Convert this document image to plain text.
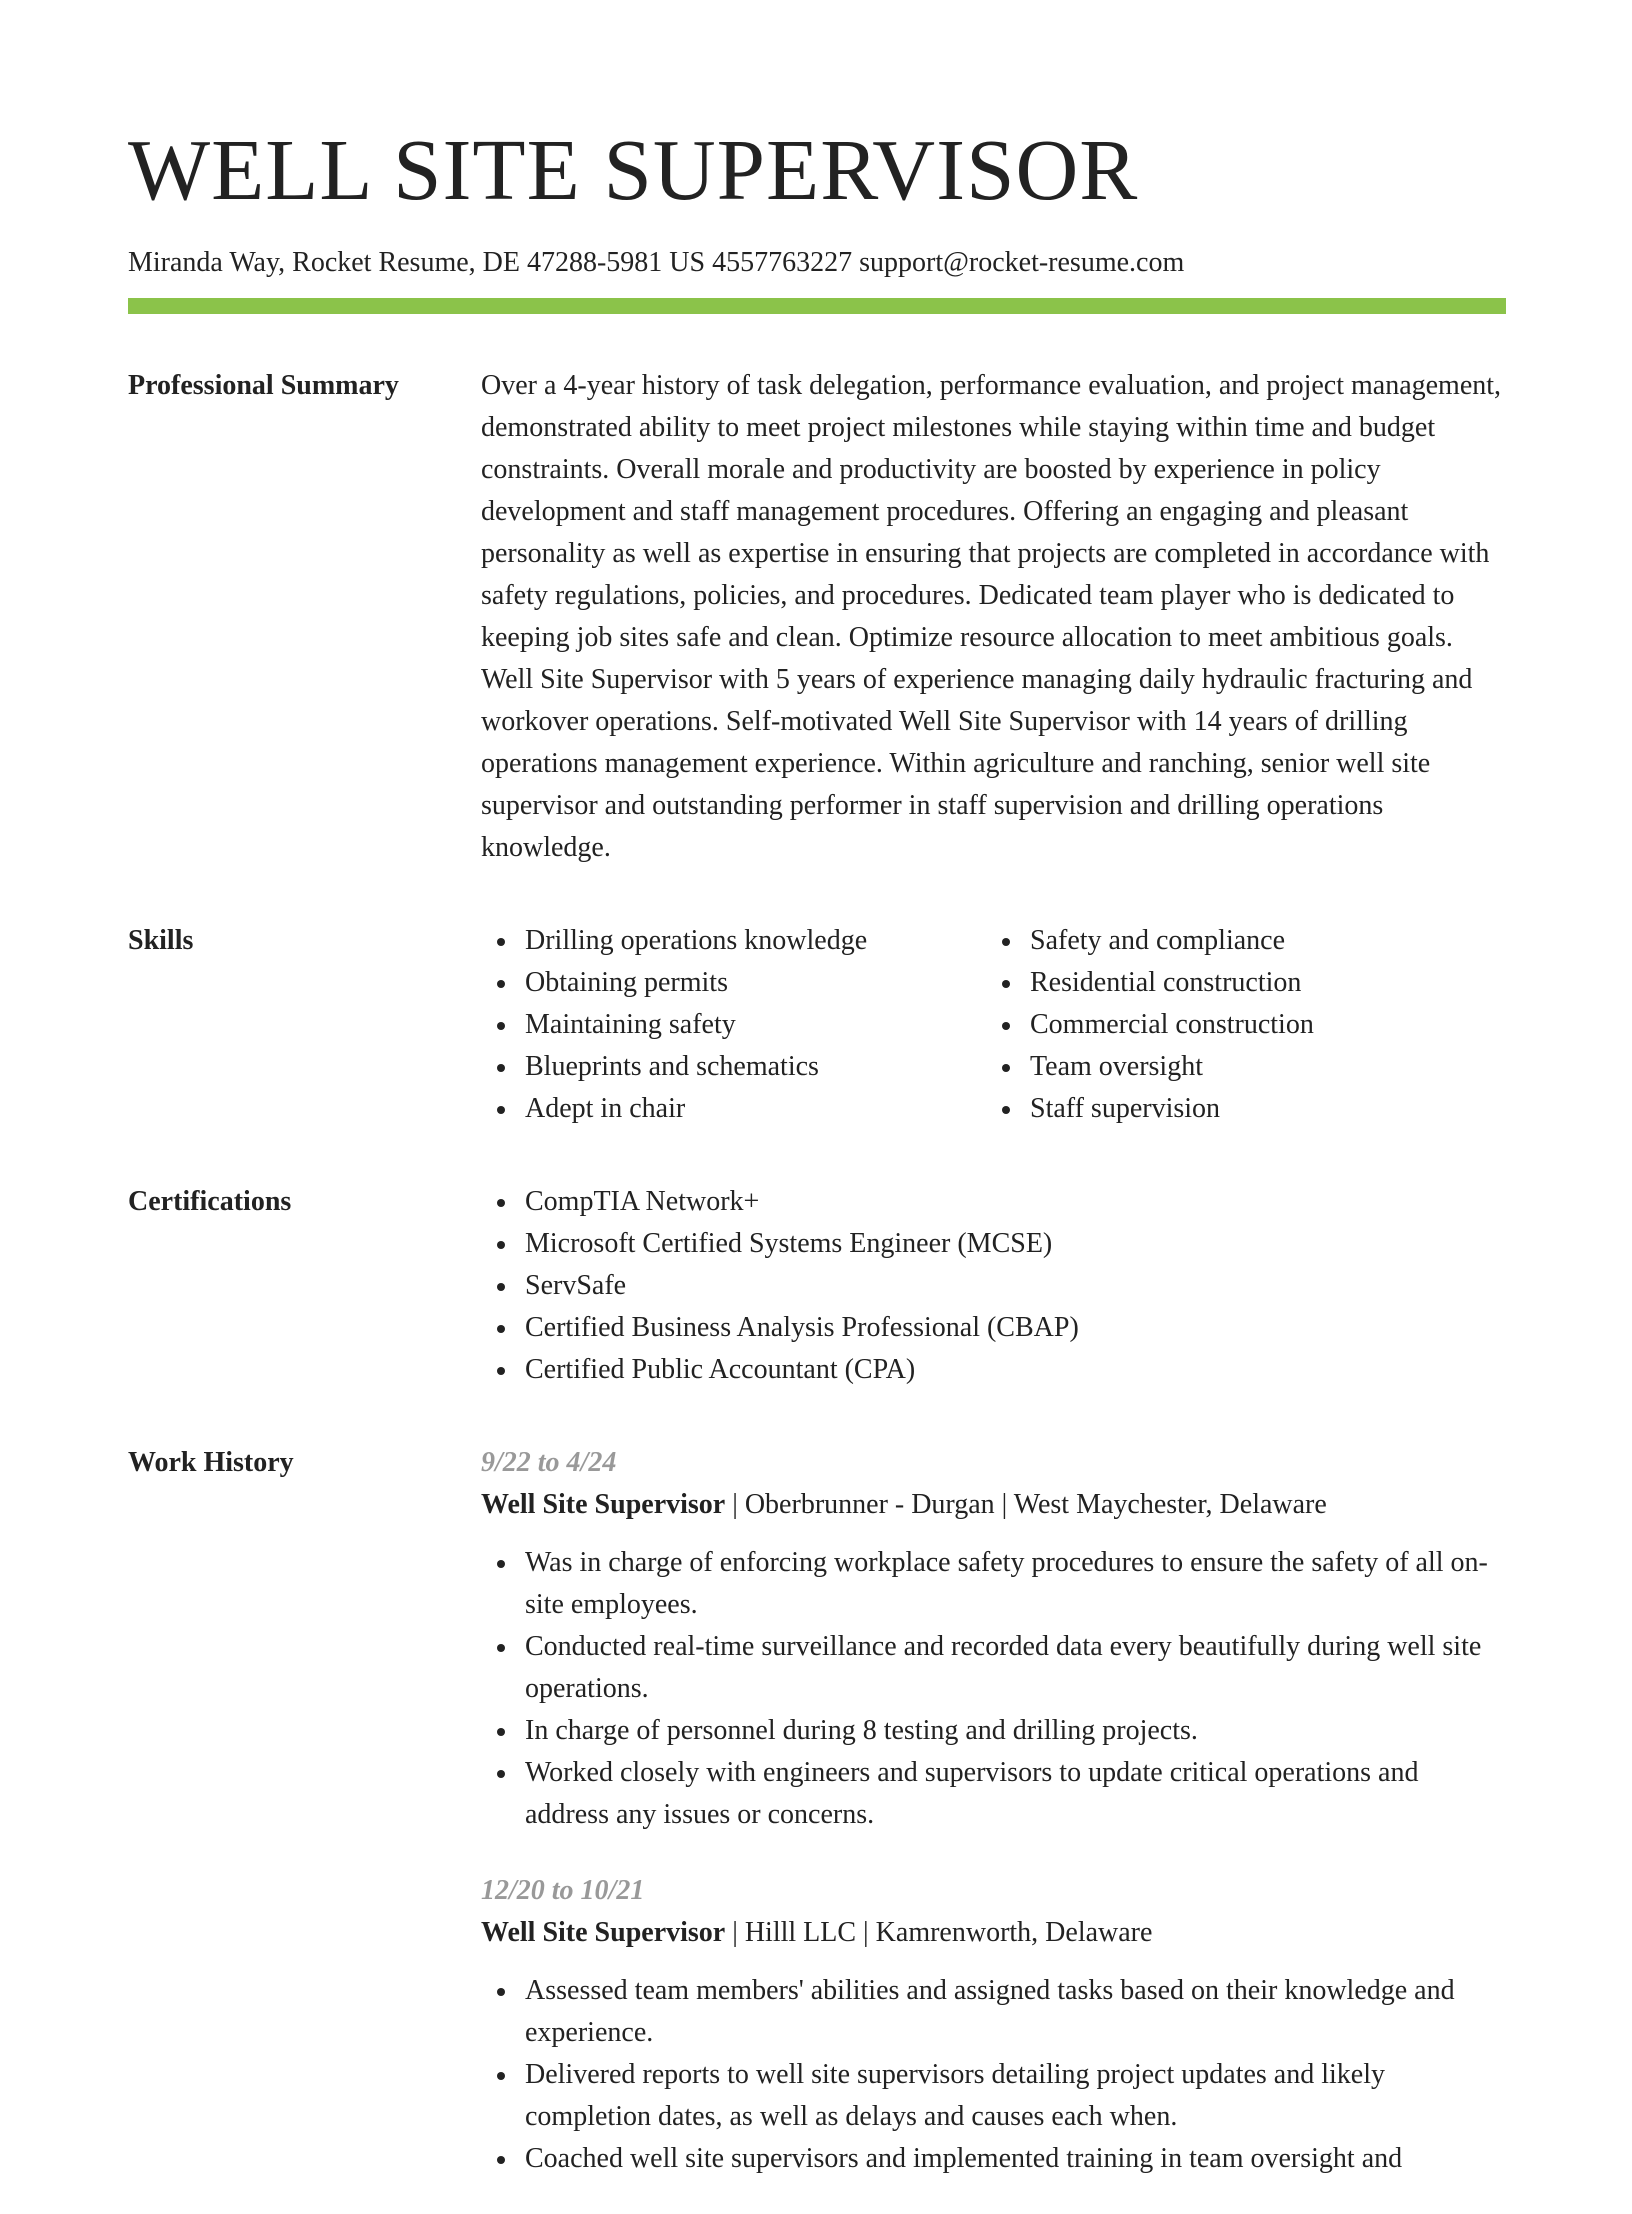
WELL SITE SUPERVISOR
Miranda Way, Rocket Resume, DE 47288-5981 US 4557763227 support@rocket-resume.com
Professional Summary	Over a 4-year history of task delegation, performance evaluation, and project management, demonstrated ability to meet project milestones while staying within time and budget constraints. Overall morale and productivity are boosted by experience in policy development and staff management procedures. Offering an engaging and pleasant personality as well as expertise in ensuring that projects are completed in accordance with safety regulations, policies, and procedures. Dedicated team player who is dedicated to keeping job sites safe and clean. Optimize resource allocation to meet ambitious goals. Well Site Supervisor with 5 years of experience managing daily hydraulic fracturing and workover operations. Self-motivated Well Site Supervisor with 14 years of drilling operations management experience. Within agriculture and ranching, senior well site supervisor and outstanding performer in staff supervision and drilling operations knowledge.

Skills	Drilling operations knowledge
Obtaining permits
Maintaining safety
Blueprints and schematics
Adept in chair
Safety and compliance
Residential construction
Commercial construction
Team oversight
Staff supervision
Certifications	CompTIA Network+
Microsoft Certified Systems Engineer (MCSE)
ServSafe
Certified Business Analysis Professional (CBAP)
Certified Public Accountant (CPA)
Work History	9/22 to 4/24
Well Site Supervisor | Oberbrunner - Durgan | West Maychester, Delaware
Was in charge of enforcing workplace safety procedures to ensure the safety of all on-site employees.
Conducted real-time surveillance and recorded data every beautifully during well site operations.
In charge of personnel during 8 testing and drilling projects.
Worked closely with engineers and supervisors to update critical operations and address any issues or concerns.
12/20 to 10/21
Well Site Supervisor | Hilll LLC | Kamrenworth, Delaware
Assessed team members' abilities and assigned tasks based on their knowledge and experience.
Delivered reports to well site supervisors detailing project updates and likely completion dates, as well as delays and causes each when.
Coached well site supervisors and implemented training in team oversight and
